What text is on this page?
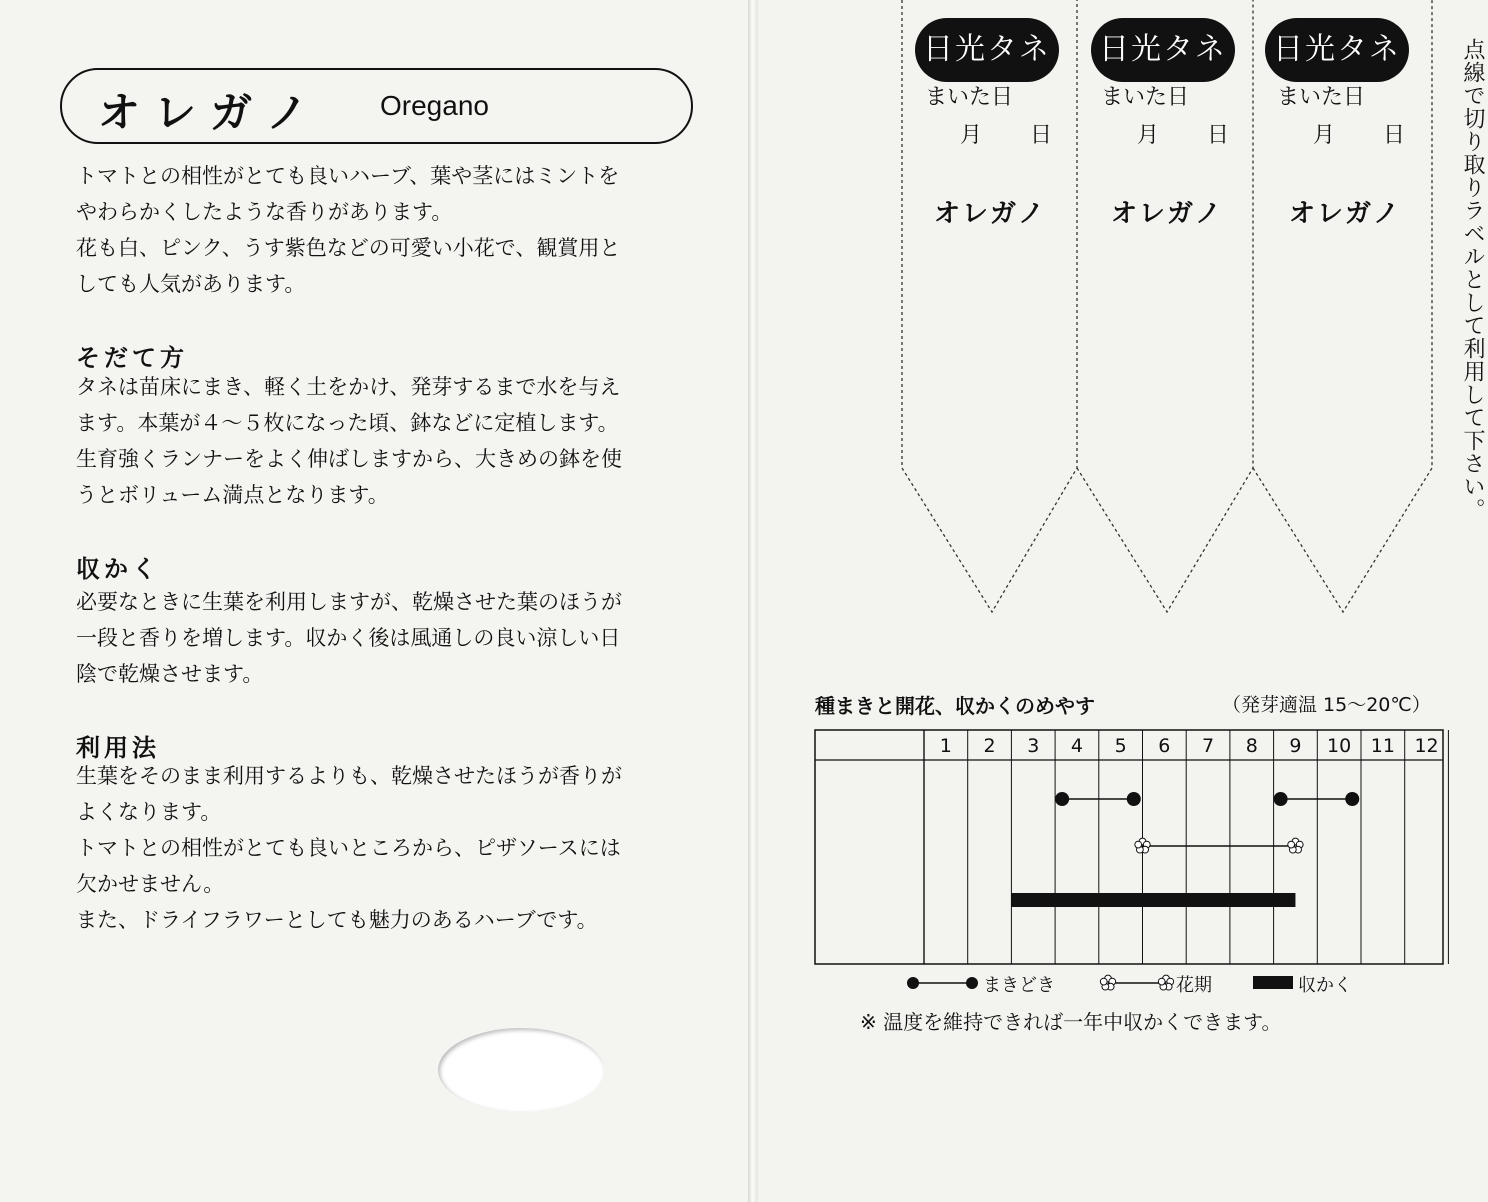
オレガノ Oregano

トマトとの相性がとても良いハーブ、葉や茎にはミントを

やわらかくしたような香りがあります。

花も白、ピンク、うす紫色などの可愛い小花で、観賞用と

しても人気があります。

そだて方

タネは苗床にまき、軽く土をかけ、発芽するまで水を与え

ます。本葉が４～５枚になった頃、鉢などに定植します。

生育強くランナーをよく伸ばしますから、大きめの鉢を使

うとボリューム満点となります。

収かく

必要なときに生葉を利用しますが、乾燥させた葉のほうが

一段と香りを増します。収かく後は風通しの良い涼しい日

陰で乾燥させます。

利用法

生葉をそのまま利用するよりも、乾燥させたほうが香りが

よくなります。

トマトとの相性がとても良いところから、ピザソースには

欠かせません。

また、ドライフラワーとしても魅力のあるハーブです。

日光タネ
まいた日
月 日
オレガノ
日光タネ
まいた日
月 日
オレガノ
日光タネ
まいた日
月 日
オレガノ	点線で切り取りラベルとして利用して下さい。
種まきと開花、収かくのめやす	（発芽適温 15～20℃）
1 2 3 4 5 6 7 8 9 10 11 12
まきどき	花期	収かく
※ 温度を維持できれば一年中収かくできます。
